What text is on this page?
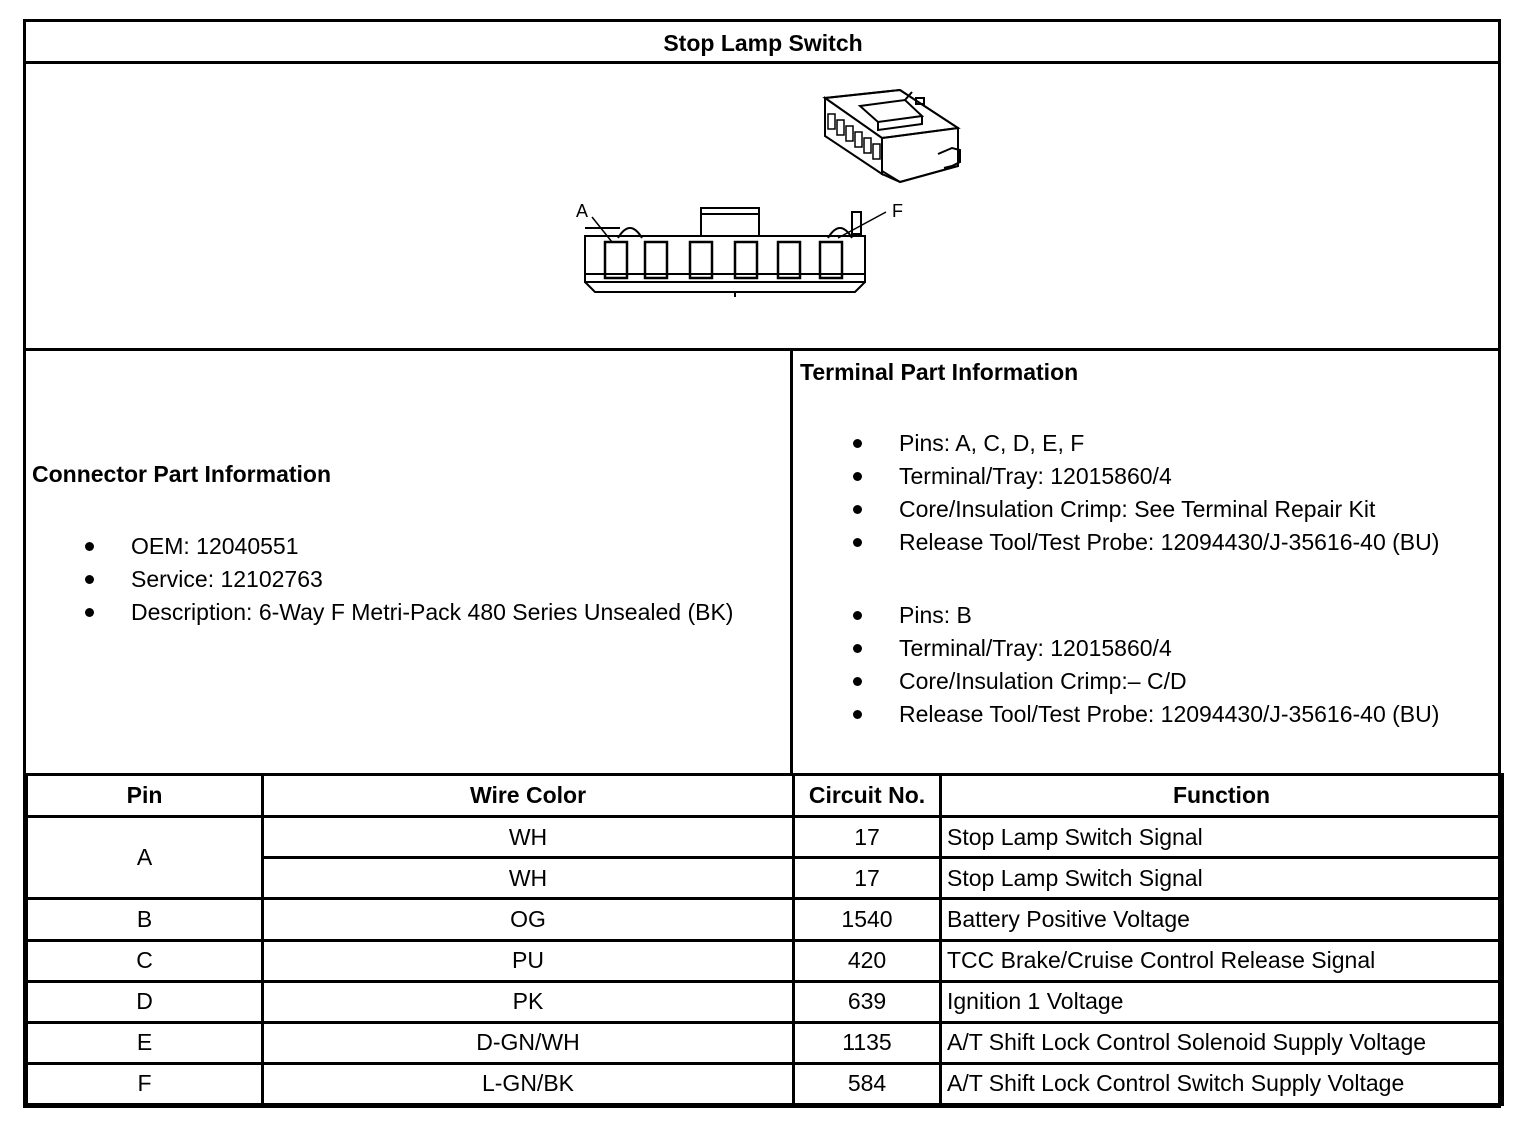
Stop Lamp Switch
A	F
Connector Part Information
OEM: 12040551
Service: 12102763
Description: 6-Way F Metri-Pack 480 Series Unsealed (BK)
Terminal Part Information
Pins: A, C, D, E, F
Terminal/Tray: 12015860/4
Core/Insulation Crimp: See Terminal Repair Kit
Release Tool/Test Probe: 12094430/J-35616-40 (BU)
Pins: B
Terminal/Tray: 12015860/4
Core/Insulation Crimp:– C/D
Release Tool/Test Probe: 12094430/J-35616-40 (BU)
Pin	Wire Color	Circuit No.	Function
A	WH	17	Stop Lamp Switch Signal
	WH	17	Stop Lamp Switch Signal
B	OG	1540	Battery Positive Voltage
C	PU	420	TCC Brake/Cruise Control Release Signal
D	PK	639	Ignition 1 Voltage
E	D-GN/WH	1135	A/T Shift Lock Control Solenoid Supply Voltage
F	L-GN/BK	584	A/T Shift Lock Control Switch Supply Voltage
